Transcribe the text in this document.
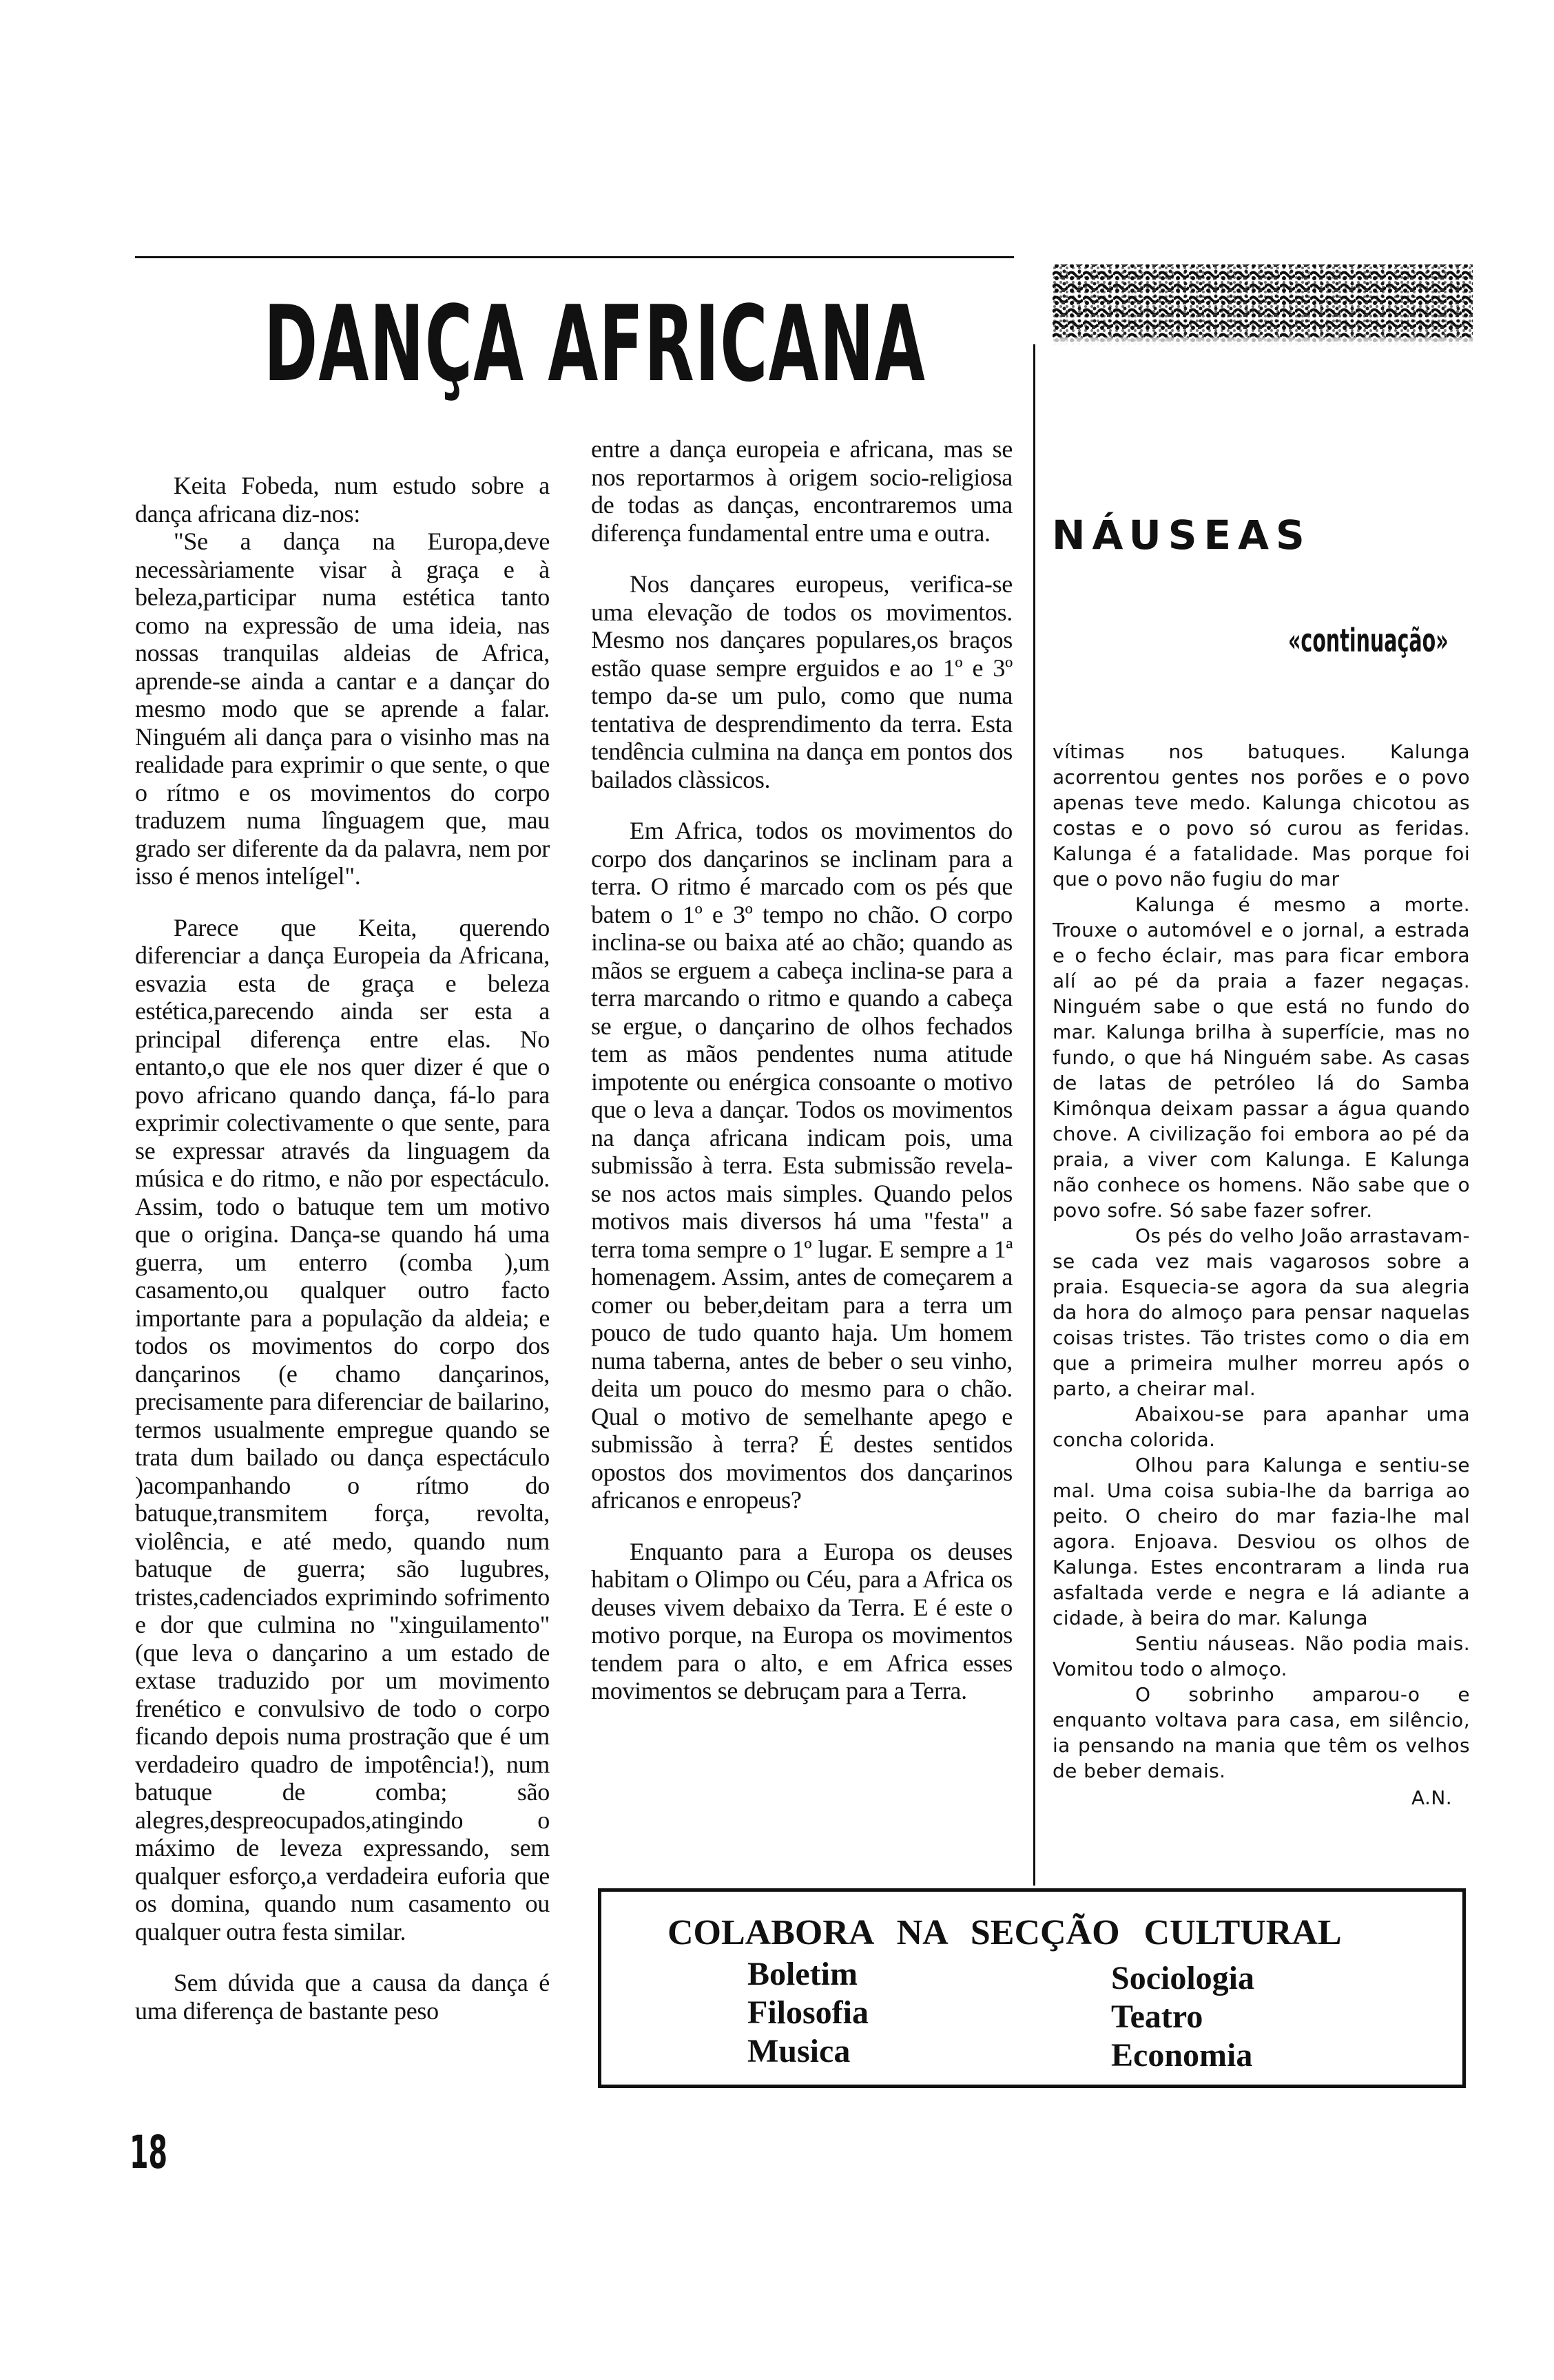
DANÇA AFRICANA

Keita Fobeda, num estudo sobre a dança africana diz-nos:

"Se a dança na Europa,deve necessàriamente visar à graça e à beleza,participar numa estética tanto como na expressão de uma ideia, nas nossas tranquilas aldeias de Africa, aprende-se ainda a cantar e a dançar do mesmo modo que se aprende a falar. Ninguém ali dança para o visinho mas na realidade para exprimir o que sente, o que o rítmo e os movimentos do corpo traduzem numa lînguagem que, mau grado ser diferente da da palavra, nem por isso é menos intelígel".

Parece que Keita, querendo diferenciar a dança Europeia da Africana, esvazia esta de graça e beleza estética,parecendo ainda ser esta a principal diferença entre elas. No entanto,o que ele nos quer dizer é que o povo africano quando dança, fá-lo para exprimir colectivamente o que sente, para se expressar através da linguagem da música e do ritmo, e não por espectáculo. Assim, todo o batuque tem um motivo que o origina. Dança-se quando há uma guerra, um enterro (comba ),um casamento,ou qualquer outro facto importante para a população da aldeia; e todos os movimentos do corpo dos dançarinos (e chamo dançarinos, precisamente para diferenciar de bailarino, termos usualmente empregue quando se trata dum bailado ou dança espectáculo )acompanhando o rítmo do batuque,transmitem força, revolta, violência, e até medo, quando num batuque de guerra; são lugubres, tristes,cadenciados exprimindo sofrimento e dor que culmina no "xinguilamento" (que leva o dançarino a um estado de extase traduzido por um movimento frenético e convulsivo de todo o corpo ficando depois numa prostração que é um verdadeiro quadro de impotência!), num batuque de comba; são alegres,despreocupados,atingindo o máximo de leveza expressando, sem qualquer esforço,a verdadeira euforia que os domina, quando num casamento ou qualquer outra festa similar.

Sem dúvida que a causa da dança é uma diferença de bastante peso

entre a dança europeia e africana, mas se nos reportarmos à origem socio-religiosa de todas as danças, encontraremos uma diferença fundamental entre uma e outra.

Nos dançares europeus, verifica-se uma elevação de todos os movimentos. Mesmo nos dançares populares,os braços estão quase sempre erguidos e ao 1º e 3º tempo da-se um pulo, como que numa tentativa de desprendimento da terra. Esta tendência culmina na dança em pontos dos bailados clàssicos.

Em Africa, todos os movimentos do corpo dos dançarinos se inclinam para a terra. O ritmo é marcado com os pés que batem o 1º e 3º tempo no chão. O corpo inclina-se ou baixa até ao chão; quando as mãos se erguem a cabeça inclina-se para a terra marcando o ritmo e quando a cabeça se ergue, o dançarino de olhos fechados tem as mãos pendentes numa atitude impotente ou enérgica consoante o motivo que o leva a dançar. Todos os movimentos na dança africana indicam pois, uma submissão à terra. Esta submissão revela-se nos actos mais simples. Quando pelos motivos mais diversos há uma "festa" a terra toma sempre o 1º lugar. E sempre a 1ª homenagem. Assim, antes de começarem a comer ou beber,deitam para a terra um pouco de tudo quanto haja. Um homem numa taberna, antes de beber o seu vinho, deita um pouco do mesmo para o chão. Qual o motivo de semelhante apego e submissão à terra? É destes sentidos opostos dos movimentos dos dançarinos africanos e enropeus?

Enquanto para a Europa os deuses habitam o Olimpo ou Céu, para a Africa os deuses vivem debaixo da Terra. E é este o motivo porque, na Europa os movimentos tendem para o alto, e em Africa esses movimentos se debruçam para a Terra.

NÁUSEAS
«continuação»

vítimas nos batuques. Kalunga acorrentou gentes nos porões e o povo apenas teve medo. Kalunga chicotou as costas e o povo só curou as feridas. Kalunga é a fatalidade. Mas porque foi que o povo não fugiu do mar

Kalunga é mesmo a morte. Trouxe o automóvel e o jornal, a estrada e o fecho éclair, mas para ficar embora alí ao pé da praia a fazer negaças. Ninguém sabe o que está no fundo do mar. Kalunga brilha à superfície, mas no fundo, o que há Ninguém sabe. As casas de latas de petróleo lá do Samba Kimônqua deixam passar a água quando chove. A civilização foi embora ao pé da praia, a viver com Kalunga. E Kalunga não conhece os homens. Não sabe que o povo sofre. Só sabe fazer sofrer.

Os pés do velho João arrastavam-se cada vez mais vagarosos sobre a praia. Esquecia-se agora da sua alegria da hora do almoço para pensar naquelas coisas tristes. Tão tristes como o dia em que a primeira mulher morreu após o parto, a cheirar mal.

Abaixou-se para apanhar uma concha colorida.

Olhou para Kalunga e sentiu-se mal. Uma coisa subia-lhe da barriga ao peito. O cheiro do mar fazia-lhe mal agora. Enjoava. Desviou os olhos de Kalunga. Estes encontraram a linda rua asfaltada verde e negra e lá adiante a cidade, à beira do mar. Kalunga

Sentiu náuseas. Não podia mais. Vomitou todo o almoço.

O sobrinho amparou-o e enquanto voltava para casa, em silêncio, ia pensando na mania que têm os velhos de beber demais.

A.N.
COLABORA NA SECÇÃO CULTURAL
Boletim
Filosofia
Musica
Sociologia
Teatro
Economia
18
